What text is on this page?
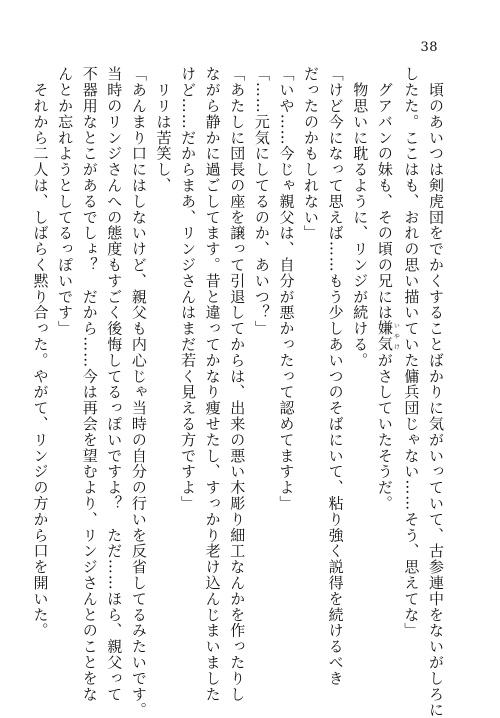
38
　頃のあいつは剣虎団をでかくすることばかりに気がいっていて、古参連中をないがしろに
したた。ここはも、おれの思い描いていた傭兵団じゃない……そう、思えてな」
　グアバンの妹も、その頃の兄には嫌気いやけがさしていたそうだ。
　物思いに耽るように、リンジが続ける。
「けど今になって思えば……もう少しあいつのそばにいて、粘り強く説得を続けるべき
だったのかもしれない」
「いや……今じゃ親父は、自分が悪かったって認めてますよ」
「……元気にしてるのか、あいつ？」
「あたしに団長の座を譲って引退してからは、出来の悪い木彫り細工なんかを作ったりし
ながら静かに過ごしてます。昔と違ってかなり痩せたし、すっかり老け込んじまいました
けど……だからまあ、リンジさんはまだ若く見える方ですよ」
　リリは苦笑し、
「あんまり口にはしないけど、親父も内心じゃ当時の自分の行いを反省してるみたいです。
当時のリンジさんへの態度もすごく後悔してるっぽいですよ？　ただ……ほら、親父って
不器用なとこがあるでしょ？　だから……今は再会を望むより、リンジさんとのことをな
んとか忘れようとしてるっぽいです」
　それから二人は、しばらく黙り合った。やがて、リンジの方から口を開いた。
